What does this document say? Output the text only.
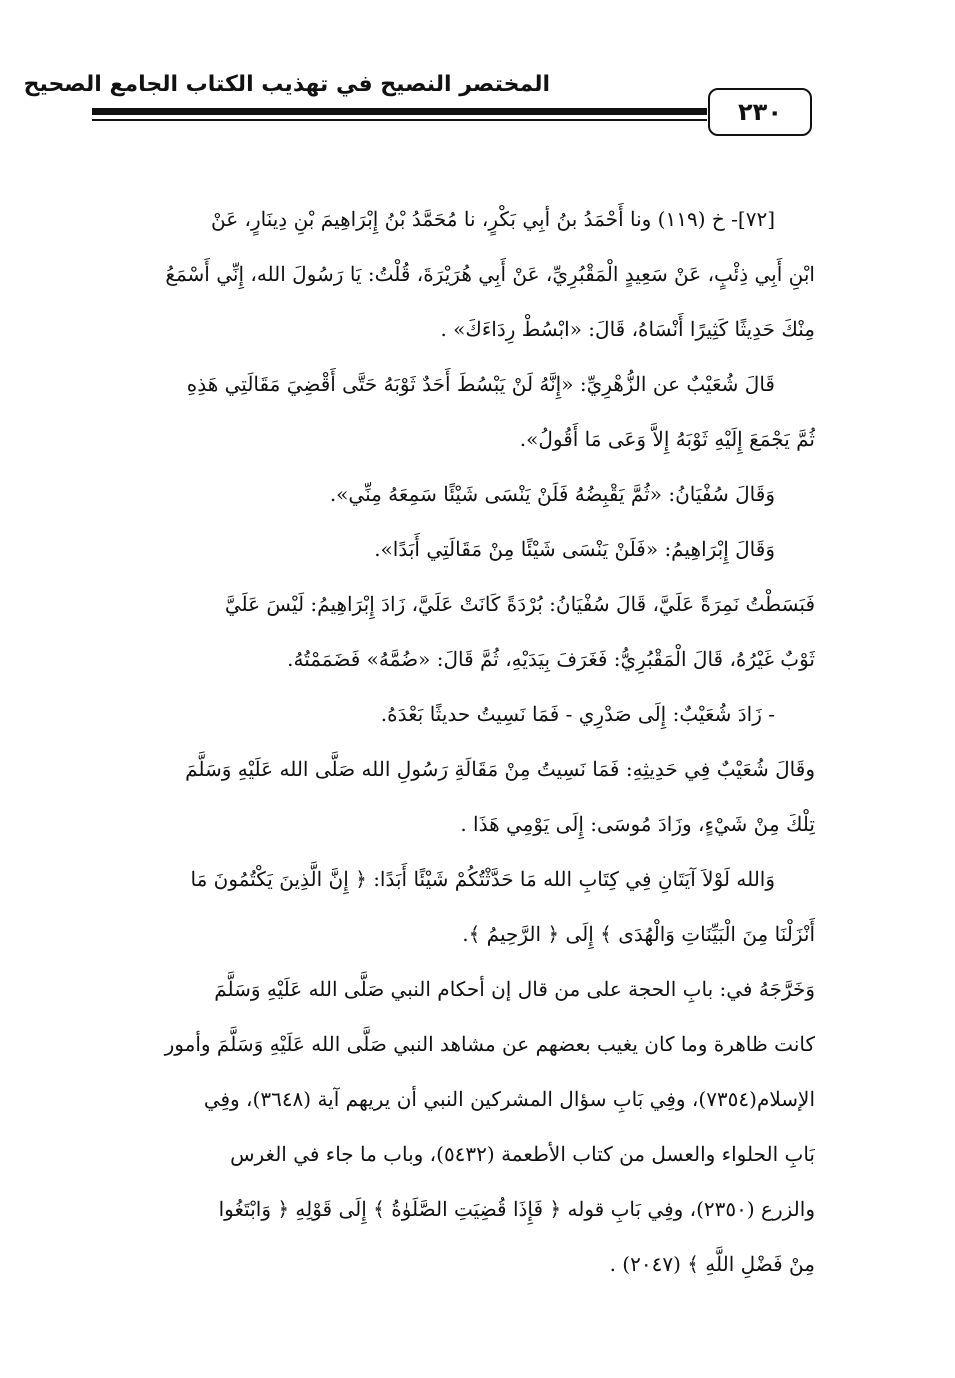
المختصر النصيح في تهذيب الكتاب الجامع الصحيح
٢٣٠
[٧٢]- خ (١١٩) ونا أَحْمَدُ بنُ أبِي بَكْرٍ، نا مُحَمَّدُ بْنُ إِبْرَاهِيمَ بْنِ دِينَارٍ، عَنْ
ابْنِ أَبِي ذِئْبٍ، عَنْ سَعِيدٍ الْمَقْبُرِيِّ، عَنْ أَبِي هُرَيْرَةَ، قُلْتُ: يَا رَسُولَ الله، إِنِّي أَسْمَعُ
مِنْكَ حَدِيثًا كَثِيرًا أَنْسَاهُ، قَالَ: «ابْسُطْ رِدَاءَكَ» .
قَالَ شُعَيْبٌ عن الزُّهْرِيِّ: «إِنَّهُ لَنْ يَبْسُطَ أَحَدٌ ثَوْبَهُ حَتَّى أَقْضِيَ مَقَالَتِي هَذِهِ
ثُمَّ يَجْمَعَ إِلَيْهِ ثَوْبَهُ إِلاَّ وَعَى مَا أَقُولُ».
وَقَالَ سُفْيَانُ: «ثُمَّ يَقْبِضُهُ فَلَنْ يَنْسَى شَيْئًا سَمِعَهُ مِنِّي».
وَقَالَ إِبْرَاهِيمُ: «فَلَنْ يَنْسَى شَيْئًا مِنْ مَقَالَتِي أَبَدًا».
فَبَسَطْتُ نَمِرَةً عَلَيَّ، قَالَ سُفْيَانُ: بُرْدَةً كَانَتْ عَلَيَّ، زَادَ إِبْرَاهِيمُ: لَيْسَ عَلَيَّ
ثَوْبٌ غَيْرُهُ، قَالَ الْمَقْبُرِيُّ: فَغَرَفَ بِيَدَيْهِ، ثُمَّ قَالَ: «ضُمَّهُ» فَضَمَمْتُهُ.
- زَادَ شُعَيْبٌ: إِلَى صَدْرِي - فَمَا نَسِيتُ حديثًا بَعْدَهُ.
وقَالَ شُعَيْبٌ فِي حَدِيثِهِ: فَمَا نَسِيتُ مِنْ مَقَالَةِ رَسُولِ الله صَلَّى الله عَلَيْهِ وَسَلَّمَ
تِلْكَ مِنْ شَيْءٍ، وزَادَ مُوسَى: إِلَى يَوْمِي هَذَا .
وَالله لَوْلاَ آيَتَانِ فِي كِتَابِ الله مَا حَدَّثْتُكُمْ شَيْئًا أَبَدًا: ﴿ إِنَّ الَّذِينَ يَكْتُمُونَ مَا
أَنْزَلْنَا مِنَ الْبَيِّنَاتِ وَالْهُدَى ﴾ إِلَى ﴿ الرَّحِيمُ ﴾.
وَخَرَّجَهُ في: بابِ الحجة على من قال إن أحكام النبي صَلَّى الله عَلَيْهِ وَسَلَّمَ
كانت ظاهرة وما كان يغيب بعضهم عن مشاهد النبي صَلَّى الله عَلَيْهِ وَسَلَّمَ وأمور
الإسلام(٧٣٥٤)، وفِي بَابِ سؤال المشركين النبي أن يريهم آية (٣٦٤٨)، وفِي
بَابِ الحلواء والعسل من كتاب الأطعمة (٥٤٣٢)، وباب ما جاء في الغرس
والزرع (٢٣٥٠)، وفِي بَابِ قوله ﴿ فَإِذَا قُضِيَتِ الصَّلَوٰةُ ﴾ إِلَى قَوْلِهِ ﴿ وَابْتَغُوا
مِنْ فَضْلِ اللَّهِ ﴾ (٢٠٤٧) .
